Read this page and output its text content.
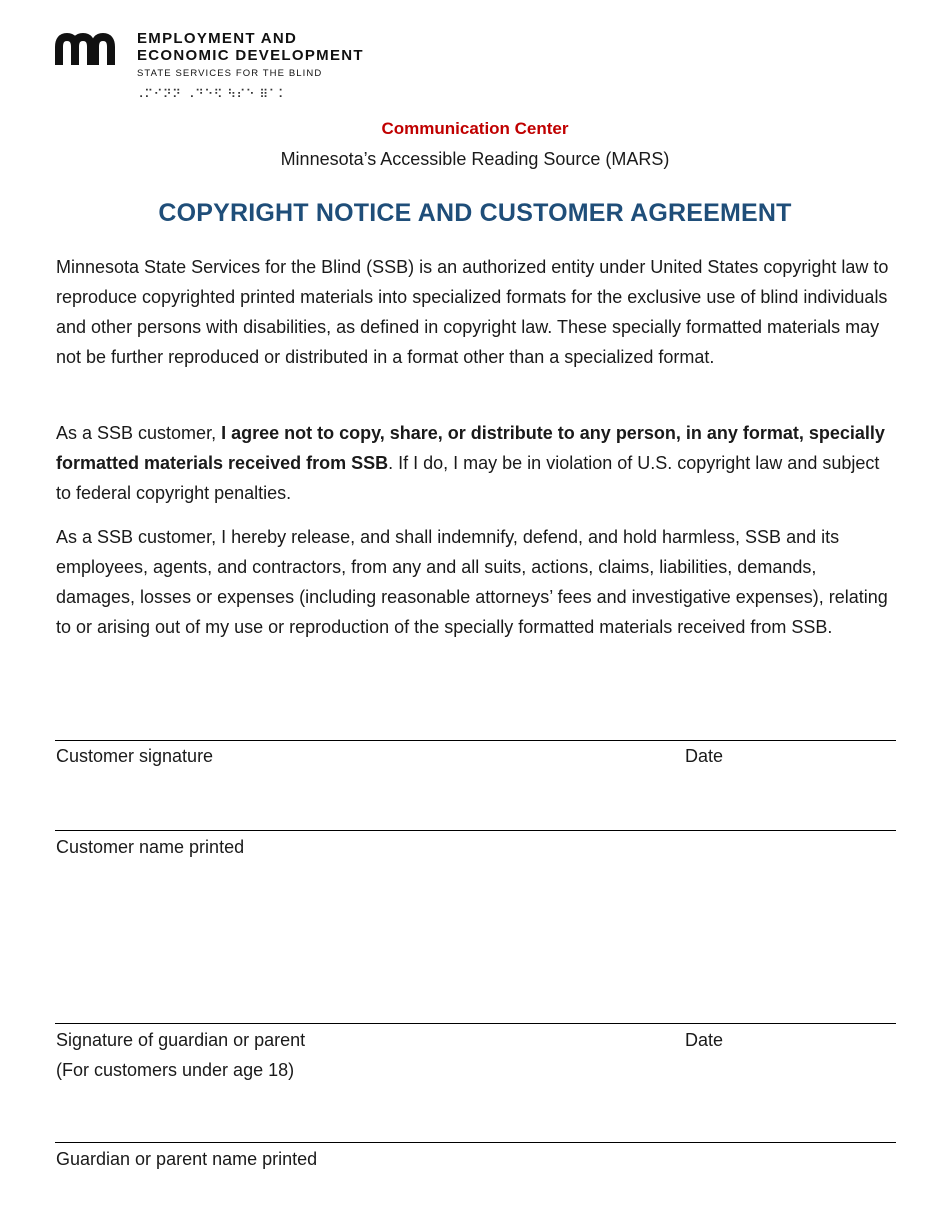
EMPLOYMENT AND
ECONOMIC DEVELOPMENT
STATE SERVICES FOR THE BLIND
⠠⠍⠊⠝⠝ ⠠⠙⠑⠫ ⠳⠎⠑ ⠿⠁⠅
Communication Center
Minnesota’s Accessible Reading Source (MARS)
COPYRIGHT NOTICE AND CUSTOMER AGREEMENT

Minnesota State Services for the Blind (SSB) is an authorized entity under United States copyright law to reproduce copyrighted printed materials into specialized formats for the exclusive use of blind individuals and other persons with disabilities, as defined in copyright law. These specially formatted materials may not be further reproduced or distributed in a format other than a specialized format.

As a SSB customer, I agree not to copy, share, or distribute to any person, in any format, specially formatted materials received from SSB. If I do, I may be in violation of U.S. copyright law and subject to federal copyright penalties.

As a SSB customer, I hereby release, and shall indemnify, defend, and hold harmless, SSB and its employees, agents, and contractors, from any and all suits, actions, claims, liabilities, demands, damages, losses or expenses (including reasonable attorneys’ fees and investigative expenses), relating to or arising out of my use or reproduction of the specially formatted materials received from SSB.

Customer signature	Date
Customer name printed
Signature of guardian or parent	Date
(For customers under age 18)
Guardian or parent name printed
